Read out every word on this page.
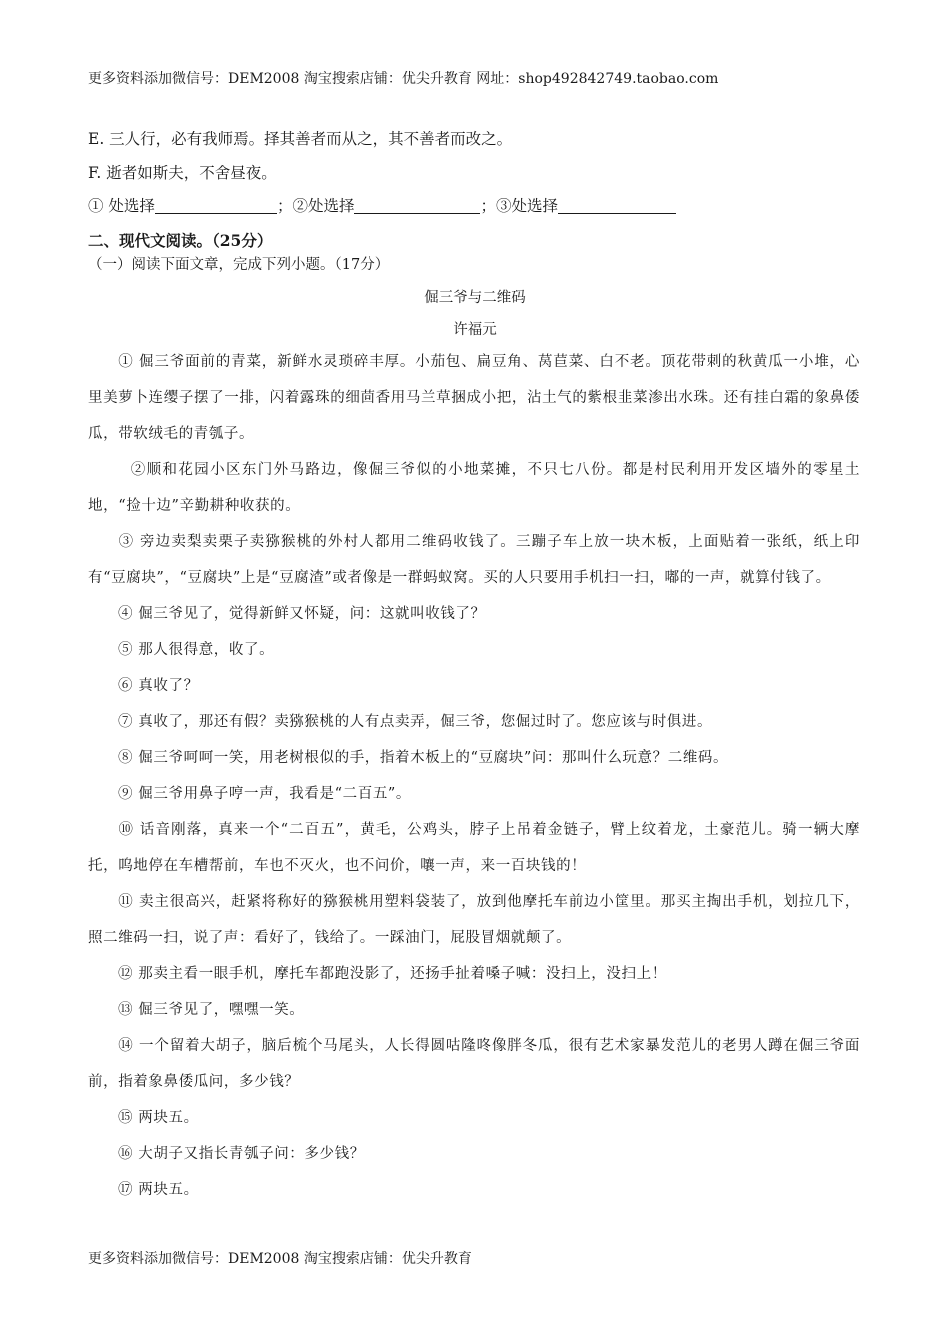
更多资料添加微信号：DEM2008 淘宝搜索店铺：优尖升教育 网址：shop492842749.taobao.com
E. 三人行，必有我师焉。择其善者而从之，其不善者而改之。
F. 逝者如斯夫，不舍昼夜。
① 处选择	；②处选择	；③处选择
二、现代文阅读。（25分）
（一）阅读下面文章，完成下列小题。（17分）
倔三爷与二维码
许福元
① 倔三爷面前的青菜，新鲜水灵琐碎丰厚。小茄包、扁豆角、莴苣菜、白不老。顶花带刺的秋黄瓜一小堆，心里美萝卜连缨子摆了一排，闪着露珠的细茴香用马兰草捆成小把，沾土气的紫根韭菜渗出水珠。还有挂白霜的象鼻倭瓜，带软绒毛的青瓠子。
②顺和花园小区东门外马路边，像倔三爷似的小地菜摊，不只七八份。都是村民利用开发区墙外的零星土地，“捡十边”辛勤耕种收获的。
③ 旁边卖梨卖栗子卖猕猴桃的外村人都用二维码收钱了。三蹦子车上放一块木板，上面贴着一张纸，纸上印有“豆腐块”，“豆腐块”上是“豆腐渣”或者像是一群蚂蚁窝。买的人只要用手机扫一扫，嘟的一声，就算付钱了。
④ 倔三爷见了，觉得新鲜又怀疑，问：这就叫收钱了？
⑤ 那人很得意，收了。
⑥ 真收了？
⑦ 真收了，那还有假？卖猕猴桃的人有点卖弄，倔三爷，您倔过时了。您应该与时俱进。
⑧ 倔三爷呵呵一笑，用老树根似的手，指着木板上的“豆腐块”问：那叫什么玩意？二维码。
⑨ 倔三爷用鼻子哼一声，我看是“二百五”。
⑩ 话音刚落，真来一个“二百五”，黄毛，公鸡头，脖子上吊着金链子，臂上纹着龙，土豪范儿。骑一辆大摩托，呜地停在车槽帮前，车也不灭火，也不问价，嚷一声，来一百块钱的！
⑪ 卖主很高兴，赶紧将称好的猕猴桃用塑料袋装了，放到他摩托车前边小筐里。那买主掏出手机，划拉几下，照二维码一扫，说了声：看好了，钱给了。一踩油门，屁股冒烟就颠了。
⑫ 那卖主看一眼手机，摩托车都跑没影了，还扬手扯着嗓子喊：没扫上，没扫上！
⑬ 倔三爷见了，嘿嘿一笑。
⑭ 一个留着大胡子，脑后梳个马尾头，人长得圆咕隆咚像胖冬瓜，很有艺术家暴发范儿的老男人蹲在倔三爷面前，指着象鼻倭瓜问，多少钱？
⑮ 两块五。
⑯ 大胡子又指长青瓠子问：多少钱？
⑰ 两块五。
更多资料添加微信号：DEM2008 淘宝搜索店铺：优尖升教育
